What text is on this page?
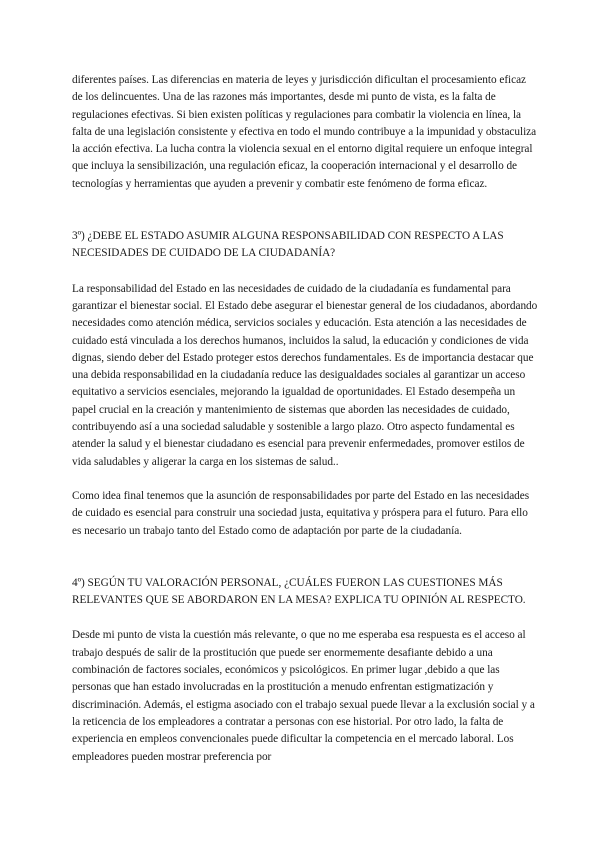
diferentes países. Las diferencias en materia de leyes y jurisdicción dificultan el procesamiento eficaz de los delincuentes. Una de las razones más importantes, desde mi punto de vista, es la falta de regulaciones efectivas. Si bien existen políticas y regulaciones para combatir la violencia en línea, la falta de una legislación consistente y efectiva en todo el mundo contribuye a la impunidad y obstaculiza la acción efectiva. La lucha contra la violencia sexual en el entorno digital requiere un enfoque integral que incluya la sensibilización, una regulación eficaz, la cooperación internacional y el desarrollo de tecnologías y herramientas que ayuden a prevenir y combatir este fenómeno de forma eficaz.

3º) ¿DEBE EL ESTADO ASUMIR ALGUNA RESPONSABILIDAD CON RESPECTO A LAS NECESIDADES DE CUIDADO DE LA CIUDADANÍA?

La responsabilidad del Estado en las necesidades de cuidado de la ciudadanía es fundamental para garantizar el bienestar social. El Estado debe asegurar el bienestar general de los ciudadanos, abordando necesidades como atención médica, servicios sociales y educación. Esta atención a las necesidades de cuidado está vinculada a los derechos humanos, incluidos la salud, la educación y condiciones de vida dignas, siendo deber del Estado proteger estos derechos fundamentales. Es de importancia destacar que una debida responsabilidad en la ciudadanía reduce las desigualdades sociales al garantizar un acceso equitativo a servicios esenciales, mejorando la igualdad de oportunidades. El Estado desempeña un papel crucial en la creación y mantenimiento de sistemas que aborden las necesidades de cuidado, contribuyendo así a una sociedad saludable y sostenible a largo plazo. Otro aspecto fundamental es atender la salud y el bienestar ciudadano es esencial para prevenir enfermedades, promover estilos de vida saludables y aligerar la carga en los sistemas de salud..

Como idea final tenemos que la asunción de responsabilidades por parte del Estado en las necesidades de cuidado es esencial para construir una sociedad justa, equitativa y próspera para el futuro. Para ello es necesario un trabajo tanto del Estado como de adaptación por parte de la ciudadanía.

4º) SEGÚN TU VALORACIÓN PERSONAL, ¿CUÁLES FUERON LAS CUESTIONES MÁS RELEVANTES QUE SE ABORDARON EN LA MESA? EXPLICA TU OPINIÓN AL RESPECTO.

Desde mi punto de vista la cuestión más relevante, o que no me esperaba esa respuesta es el acceso al trabajo después de salir de la prostitución que puede ser enormemente desafiante debido a una combinación de factores sociales, económicos y psicológicos. En primer lugar ,debido a que las personas que han estado involucradas en la prostitución a menudo enfrentan estigmatización y discriminación. Además, el estigma asociado con el trabajo sexual puede llevar a la exclusión social y a la reticencia de los empleadores a contratar a personas con ese historial. Por otro lado, la falta de experiencia en empleos convencionales puede dificultar la competencia en el mercado laboral. Los empleadores pueden mostrar preferencia por
